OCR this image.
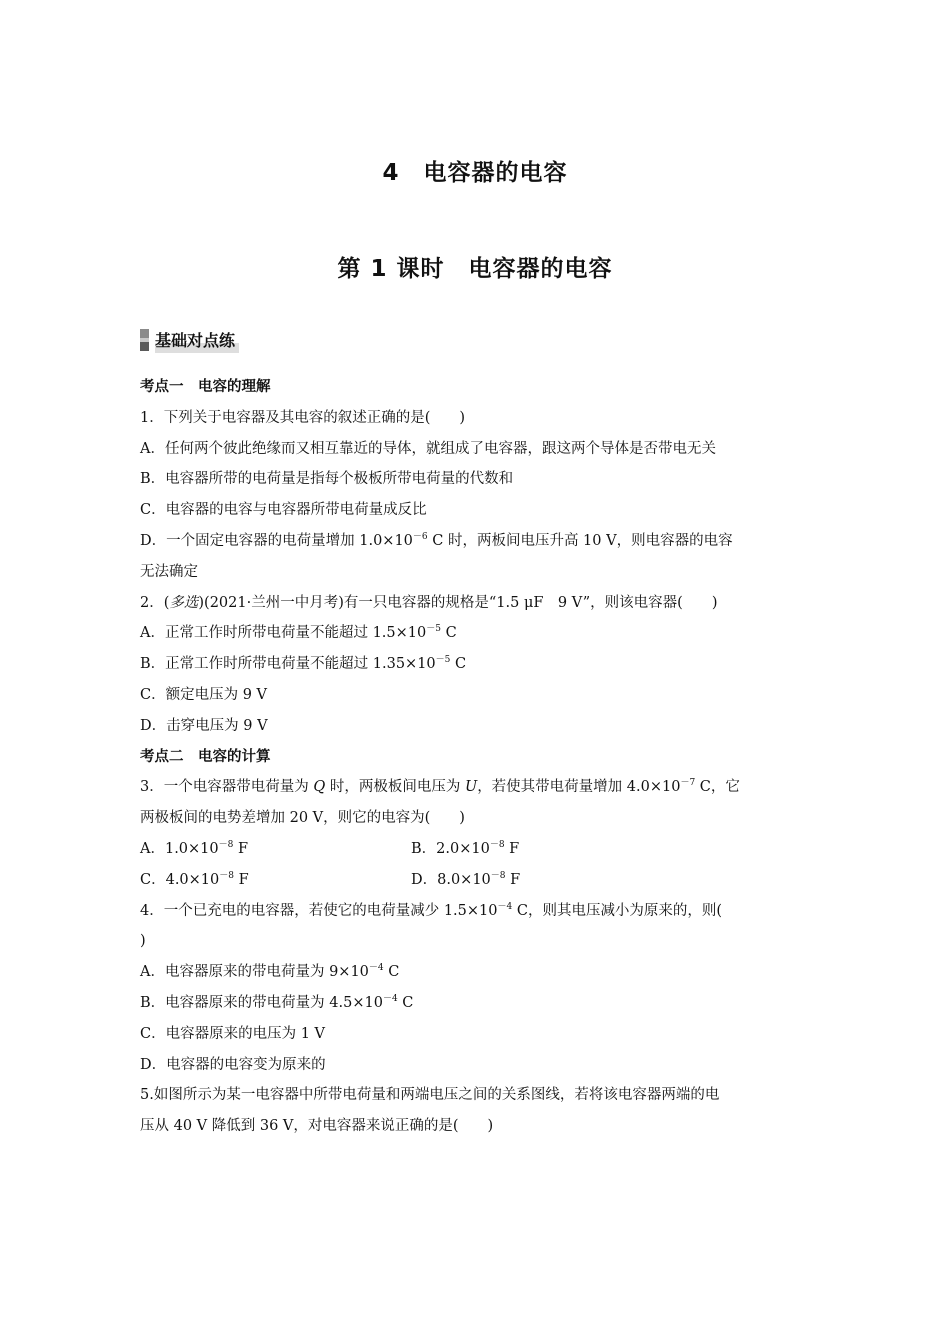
4　电容器的电容
第 1 课时　电容器的电容
基础对点练
考点一　电容的理解
1．下列关于电容器及其电容的叙述正确的是(　　)
A．任何两个彼此绝缘而又相互靠近的导体，就组成了电容器，跟这两个导体是否带电无关
B．电容器所带的电荷量是指每个极板所带电荷量的代数和
C．电容器的电容与电容器所带电荷量成反比
D．一个固定电容器的电荷量增加 $1.0\times 10^{-6}$ C 时，两板间电压升高 10 V，则电容器的电容
无法确定
2．(多选)(2021·兰州一中月考)有一只电容器的规格是“1.5 μF　9 V”，则该电容器(　　)
A．正常工作时所带电荷量不能超过 $1.5\times 10^{-5}$ C
B．正常工作时所带电荷量不能超过 $1.35\times 10^{-5}$ C
C．额定电压为 9 V
D．击穿电压为 9 V
考点二　电容的计算
3．一个电容器带电荷量为 Q 时，两极板间电压为 U，若使其带电荷量增加 $4.0\times 10^{-7}$ C，它
两极板间的电势差增加 20 V，则它的电容为(　　)
A．$1.0\times 10^{-8}$ F	B．$2.0\times 10^{-8}$ F
C．$4.0\times 10^{-8}$ F	D．$8.0\times 10^{-8}$ F
4．一个已充电的电容器，若使它的电荷量减少 $1.5\times 10^{-4}$ C，则其电压减小为原来的，则(
)
A．电容器原来的带电荷量为 $9\times 10^{-4}$ C
B．电容器原来的带电荷量为 $4.5\times 10^{-4}$ C
C．电容器原来的电压为 1 V
D．电容器的电容变为原来的
5.如图所示为某一电容器中所带电荷量和两端电压之间的关系图线，若将该电容器两端的电
压从 40 V 降低到 36 V，对电容器来说正确的是(　　)
